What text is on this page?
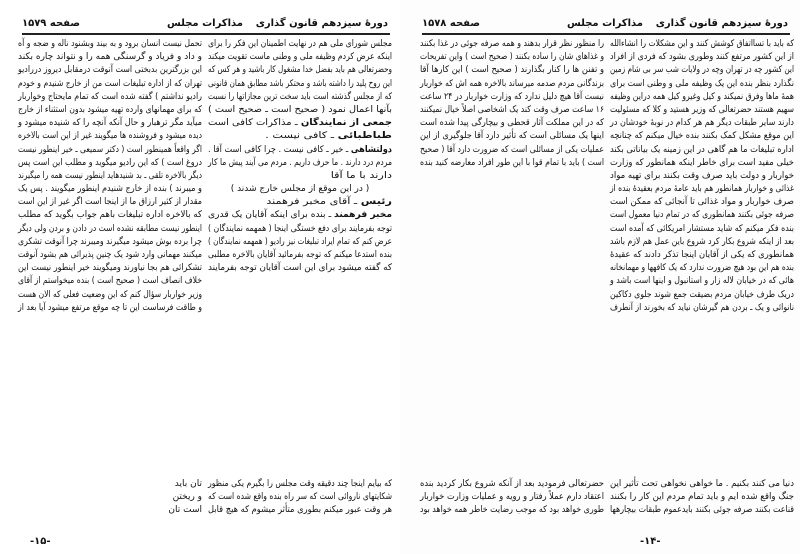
دورهٔ سیزدهم قانون گذاری
مذاکرات مجلس
صفحه ۱۵۷۹
مجلس شورای ملی هم در نهایت اطمینان این فکر را برای
اینکه عرض کردم وظیفه ملی و وطنی ماست تقویت میکند
وحضرتعالی هم باید بفضل خدا مشغول کار باشید و هر کس که
این روح پلید را داشته باشد و محتکر باشد مطابق همان قانونی
که از مجلس گذشته است باید سخت ترین مجازاتها را نسبت
بآنها اعمال نمود ( صحیح است ـ صحیح است )
جمعی از نمایندگان ـ مذاکرات کافی است
طباطبائی ـ کافی نیست .
دولتشاهی ـ خیر ـ کافی نیست . چرا کافی است آقا .
مردم درد دارند . ما حرف داریم . مردم می آیند پیش ما کار
دارند با ما آقا
( در این موقع از مجلس خارج شدند )
رئیس ـ آقای مخبر فرهمند
مخبر فرهمند ـ بنده برای اینکه آقایان یک قدری
توجه بفرمایند برای دفع خستگی اینجا ( همهمه نمایندگان )
عرض کنم که تمام ایراد تبلیغات نیز رادیو ( همهمه نمایندگان )
بنده استدعا میکنم که توجه بفرمائید آقایان بالاخره مطلبی
که گفته میشود برای این است آقایان توجه بفرمایند
تحمل نیست انسان برود و به بیند وبشنود ناله و ضجه و آه
و داد و فریاد و گرسنگی همه را و نتواند چاره بکند
این بزرگترین بدبختی است آنوقت درمقابل دیروز دررادیو
تهران که از اداره تبلیغات است من از خارج شنیدم و خودم
رادیو نداشتم ) گفته شده است که تمام مایحتاج وخواربار
که برای مهمانهای وارده تهیه میشود بدون استثناء از خارج
میآید مگر ترهبار و حال آنکه آنچه را که شنیده میشود و
دیده میشود و فروشنده ها میگویند غیر از این است بالاخره
اگر واقعاً همینطور است ( دکتر سمیعی ـ خیر اینطور نیست
دروغ است ) که این رادیو میگوید و مطلب این است پس
دیگر بالاخره تلقی ـ بد شنیدهاید اینطور نیست همه را میگیرند
و میبرند ) بنده از خارج شنیدم اینطور میگویند . پس یک
مقدار از کثیر ارزاق ما از اینجا است اگر غیر از این است
که بالاخره اداره تبلیغات باهم جواب بگوید که مطلب
اینطور نیست مطابقه نشده است در دادن و بردن ولی دیگر
چرا برده بوش میشود میگیرند ومیبرند چرا آنوقت تشکری
میکنند مهمانی وارد شود یک چنین پذیرائی هم بشود آنوقت
تشکرائی هم بجا نیاورند ومیگویند خیر اینطور نیست این
خلاف انصاف است ( صحیح است ) بنده میخواستم از آقای
وزیر خواربار سؤال کنم که این وضعیت فعلی که الان هست
و طاقت فرساست این تا چه موقع مرتفع میشود آیا بعد از
که بیایم اینجا چند دقیقه وقت مجلس را بگیرم یکی منظور
شکایتهای ناروائی است که سر راه بنده واقع شده است که
هر وقت عبور میکنم بطوری متأثر میشوم که هیچ قابل
تان باید
و ریختن
است تان
-۱۵-
دورهٔ سیزدهم قانون گذاری
مذاکرات مجلس
صفحه ۱۵۷۸
که باید با تسااتفاق کوشش کنند و این مشکلات را انشاءالله
از این کشور مرتفع کنند وطوری بشود که فردی از افراد
این کشور چه در تهران وچه در ولایات شب سر بی شام زمین
نگذارد بنظر بنده این یک وظیفه ملی و وطنی است برای
همهٔ ماها وفرق نمیکند و کیل وغیرو کیل همه دراین وظیفه
سهیم هستند حضرتعالی که وزیر هستید و کلا که مسئولیت
دارند سایر طبقات دیگر هم هر کدام در نوبهٔ خودشان در
این موقع مشکل کمک بکنند بنده خیال میکنم که چنانچه
اداره تبلیغات ما هم گاهی در این زمینه یک بیاناتی بکند
خیلی مفید است برای خاطر اینکه همانطور که وزارت
خواربار و دولت باید صرف وقت بکنند برای تهیه مواد
غذائی و خواربار همانطور هم باید عامهٔ مردم بعقیدهٔ بنده از
صرف خواربار و مواد غذائی تا آنجائی که ممکن است
صرفه جوئی بکنند همانطوری که در تمام دنیا معمول است
بنده فکر میکنم که شاید مستشار امریکائی که آمده است
بعد از اینکه شروع بکار کرد شروع باین عمل هم لازم باشد
همانطوری که یکی از آقایان اینجا تذکر دادند که عقیدهٔ
بنده هم این بود هیچ ضرورت ندارد که یک کافهها و مهمانخانه
هائی که در خیابان لاله زار و استانبول و اینها است باشد و
دریک طرف خیابان مردم بضیقت جمع شوند جلوی دکاکین
نانوائی و یک ـ بردن هم گیرشان نیاید که بخورند از آنطرف
را منظور نظر قرار بدهند و همه صرفه جوئی در غذا بکنند
و غذاهای شان را ساده بکنند ( صحیح است ) واین تفریحات
و تفنن ها را کنار بگذارند ( صحیح است ) این کارها آقا
بزندگانی مردم صدمه میرساند بالاخره همه اش که خواربار
نیست آقا هیچ دلیل ندارد که وزارت خواربار در ۲۴ ساعت
۱۶ ساعت صرف وقت کند یک اشخاصی اصلاً خیال نمیکنند
که در این مملکت آثار قحطی و بیچارگی پیدا شده است
اینها یک مسائلی است که تأثیر دارد آقا جلوگیری از این
عملیات یکی از مسائلی است که ضرورت دارد آقا ( صحیح
است ) باید با تمام قوا با این طور افراد معارضه کنید بنده
دنیا می کنند بکنیم . ما خواهی نخواهی تحت تأثیر این
جنگ واقع شده ایم و باید تمام مردم این کار را بکنند
قناعت بکنند صرفه جوئی بکنند بایدعموم طبقات بیچارهها
حضرتعالی فرمودید بعد از آنکه شروع بکار کردید بنده
اعتقاد دارم عملاً رفتار و رویه و عملیات وزارت خواربار
طوری خواهد بود که موجب رضایت خاطر همه خواهد بود
-۱۴-
